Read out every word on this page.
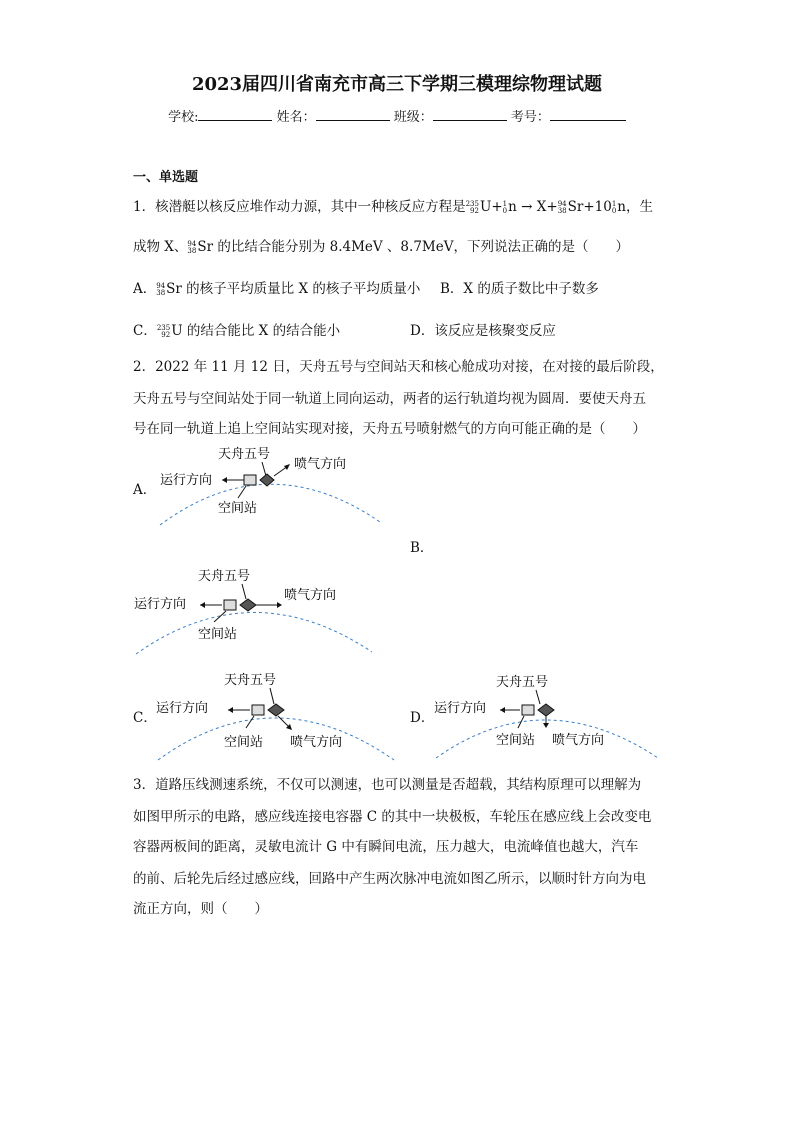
2023届四川省南充市高三下学期三模理综物理试题
学校:	姓名：	班级：	考号：
一、单选题
1．核潜艇以核反应堆作动力源，其中一种核反应方程是 235
92 U+ 1
0 n → X+ 94
38 Sr+10 1
0 n，生
成物 X、 94
38 Sr 的比结合能分别为 8.4MeV 、8.7MeV，下列说法正确的是（　　）
A． 94
38 Sr 的核子平均质量比 X 的核子平均质量小 B．X 的质子数比中子数多
C． 235
92 U 的结合能比 X 的结合能小	D．该反应是核聚变反应
2．2022 年 11 月 12 日，天舟五号与空间站天和核心舱成功对接，在对接的最后阶段，
天舟五号与空间站处于同一轨道上同向运动，两者的运行轨道均视为圆周．要使天舟五
号在同一轨道上追上空间站实现对接，天舟五号喷射燃气的方向可能正确的是（　　）
A．
B．
C．	D．
天舟五号
运行方向
喷气方向
空间站
天舟五号
运行方向
喷气方向
空间站
天舟五号
运行方向
喷气方向
空间站
天舟五号
运行方向
喷气方向
空间站
3．道路压线测速系统，不仅可以测速，也可以测量是否超载，其结构原理可以理解为
如图甲所示的电路，感应线连接电容器 C 的其中一块极板，车轮压在感应线上会改变电
容器两板间的距离，灵敏电流计 G 中有瞬间电流，压力越大，电流峰值也越大，汽车
的前、后轮先后经过感应线，回路中产生两次脉冲电流如图乙所示，以顺时针方向为电
流正方向，则（　　）
